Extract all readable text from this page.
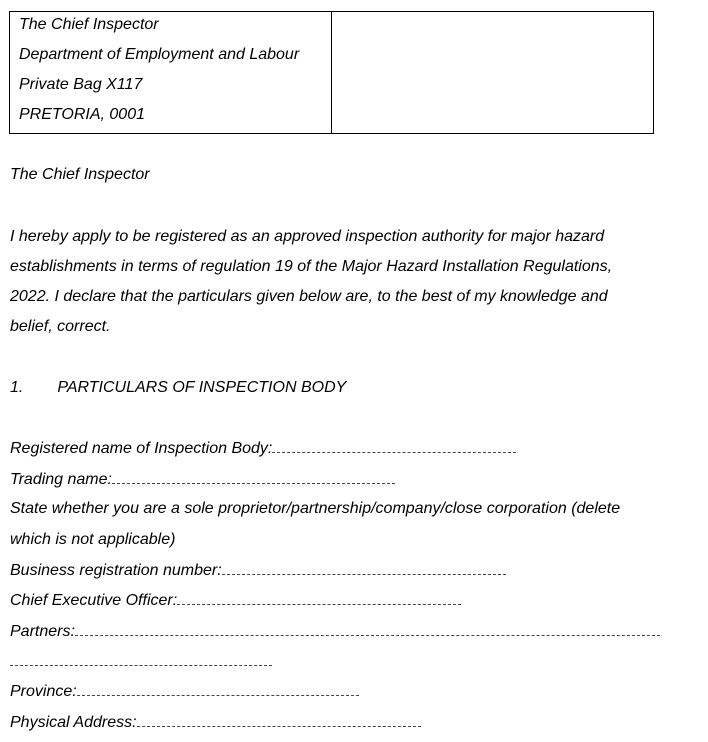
The Chief Inspector
Department of Employment and Labour
Private Bag X117
PRETORIA, 0001
The Chief Inspector
I hereby apply to be registered as an approved inspection authority for major hazard
establishments in terms of regulation 19 of the Major Hazard Installation Regulations,
2022. I declare that the particulars given below are, to the best of my knowledge and
belief, correct.
1. PARTICULARS OF INSPECTION BODY
Registered name of Inspection Body:
Trading name:
State whether you are a sole proprietor/partnership/company/close corporation (delete
which is not applicable)
Business registration number:
Chief Executive Officer:
Partners:
Province:
Physical Address:
